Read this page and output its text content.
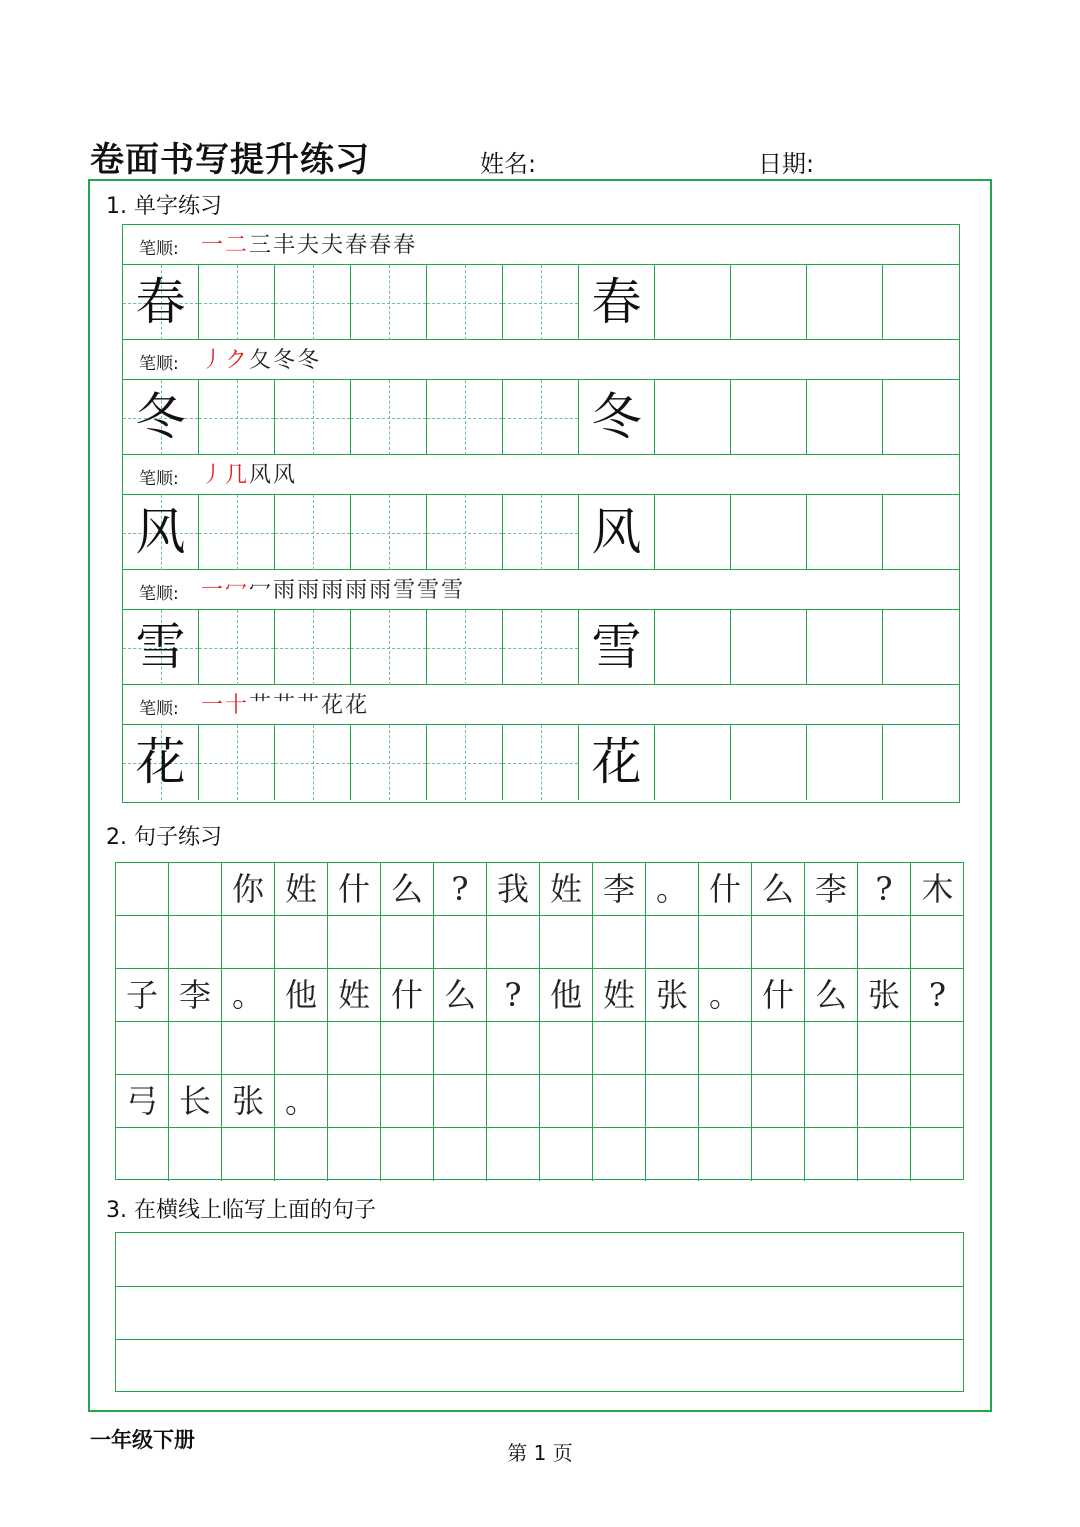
卷面书写提升练习	姓名:	日期:
1. 单字练习
笔顺: 一二三丰夫夫春春春
春	春
笔顺: 丿ク夂冬冬
冬	冬
笔顺: 丿几风风
风	风
笔顺: 一冖冖雨雨雨雨雨雪雪雪
雪	雪
笔顺: 一十艹艹艹花花
花	花
2. 句子练习
你 姓 什 么 ? 我 姓 李 。 什 么 李 ? 木
子 李 。 他 姓 什 么 ? 他 姓 张 。 什 么 张 ?
弓 长 张 。
3. 在横线上临写上面的句子
一年级下册
第 1 页
